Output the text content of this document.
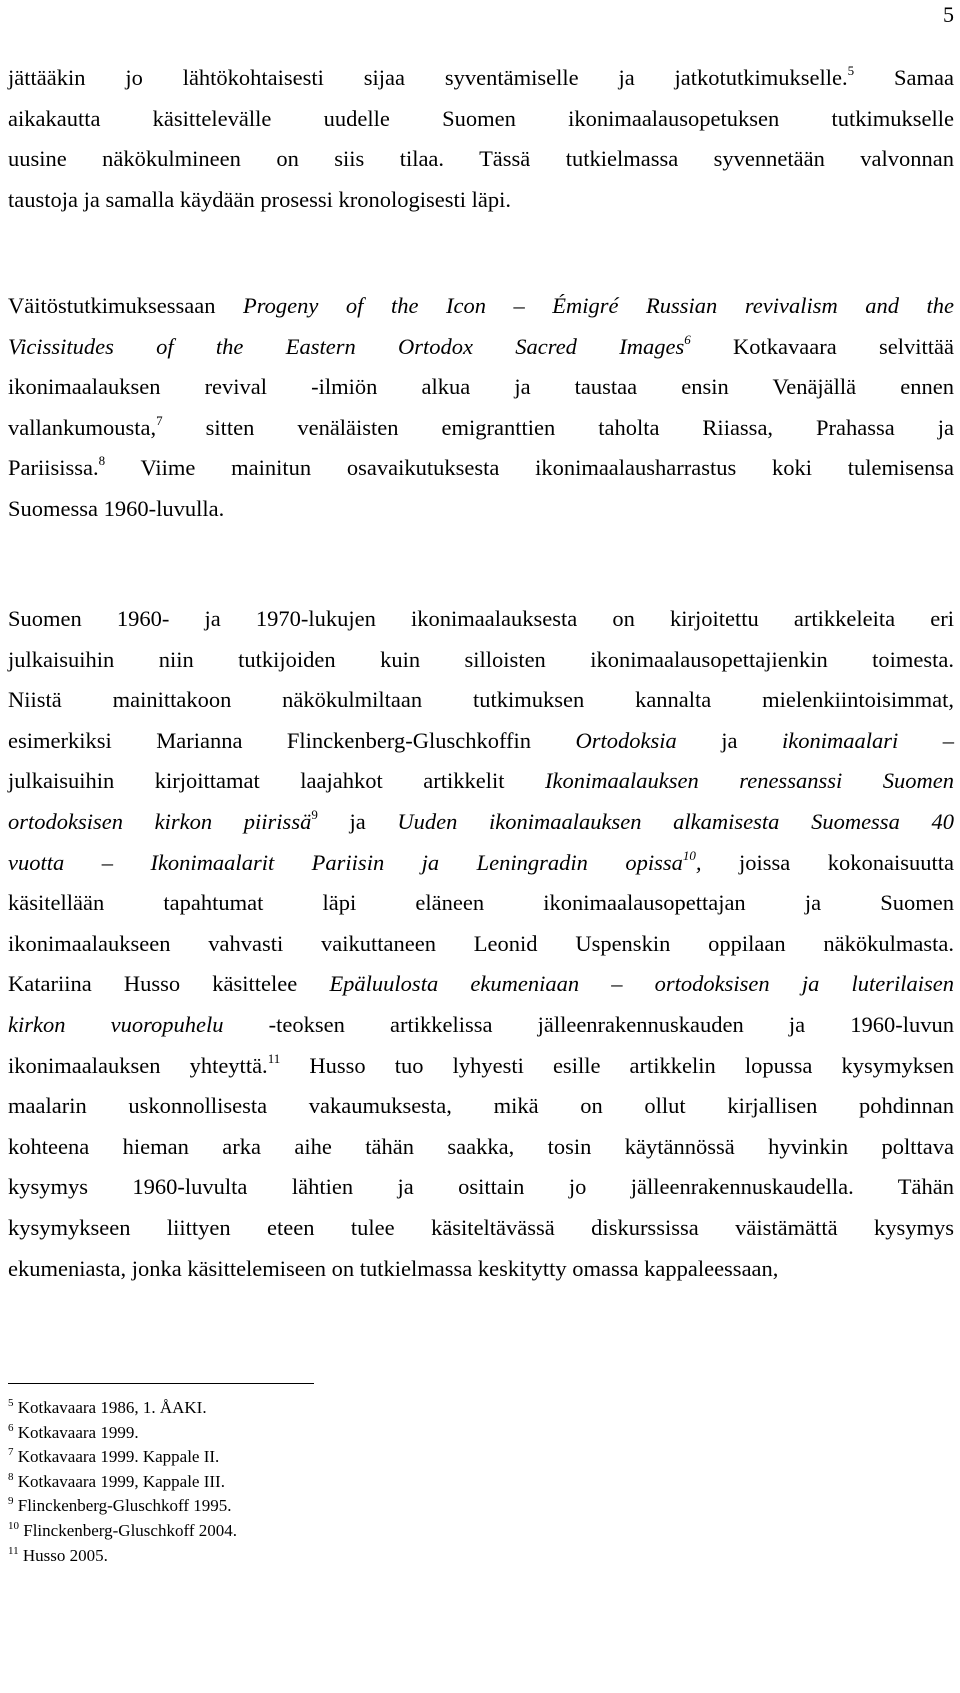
5
jättääkin jo lähtökohtaisesti sijaa syventämiselle ja jatkotutkimukselle.$^5$ Samaa
aikakautta käsittelevälle uudelle Suomen ikonimaalausopetuksen tutkimukselle
uusine näkökulmineen on siis tilaa. Tässä tutkielmassa syvennetään valvonnan
taustoja ja samalla käydään prosessi kronologisesti läpi.
Väitöstutkimuksessaan Progeny of the Icon – Émigré Russian revivalism and the
Vicissitudes of the Eastern Ortodox Sacred Images$^6$ Kotkavaara selvittää
ikonimaalauksen revival -ilmiön alkua ja taustaa ensin Venäjällä ennen
vallankumousta,$^7$ sitten venäläisten emigranttien taholta Riiassa, Prahassa ja
Pariisissa.$^8$ Viime mainitun osavaikutuksesta ikonimaalausharrastus koki tulemisensa
Suomessa 1960-luvulla.
Suomen 1960- ja 1970-lukujen ikonimaalauksesta on kirjoitettu artikkeleita eri
julkaisuihin niin tutkijoiden kuin silloisten ikonimaalausopettajienkin toimesta.
Niistä mainittakoon näkökulmiltaan tutkimuksen kannalta mielenkiintoisimmat,
esimerkiksi Marianna Flinckenberg-Gluschkoffin Ortodoksia ja ikonimaalari –
julkaisuihin kirjoittamat laajahkot artikkelit Ikonimaalauksen renessanssi Suomen
ortodoksisen kirkon piirissä$^9$ ja Uuden ikonimaalauksen alkamisesta Suomessa 40
vuotta – Ikonimaalarit Pariisin ja Leningradin opissa$^{10}$, joissa kokonaisuutta
käsitellään tapahtumat läpi eläneen ikonimaalausopettajan ja Suomen
ikonimaalaukseen vahvasti vaikuttaneen Leonid Uspenskin oppilaan näkökulmasta.
Katariina Husso käsittelee Epäluulosta ekumeniaan – ortodoksisen ja luterilaisen
kirkon vuoropuhelu -teoksen artikkelissa jälleenrakennuskauden ja 1960-luvun
ikonimaalauksen yhteyttä.$^{11}$ Husso tuo lyhyesti esille artikkelin lopussa kysymyksen
maalarin uskonnollisesta vakaumuksesta, mikä on ollut kirjallisen pohdinnan
kohteena hieman arka aihe tähän saakka, tosin käytännössä hyvinkin polttava
kysymys 1960-luvulta lähtien ja osittain jo jälleenrakennuskaudella. Tähän
kysymykseen liittyen eteen tulee käsiteltävässä diskurssissa väistämättä kysymys
ekumeniasta, jonka käsittelemiseen on tutkielmassa keskitytty omassa kappaleessaan,
$^5$ Kotkavaara 1986, 1. ÅAKI.
$^6$ Kotkavaara 1999.
$^7$ Kotkavaara 1999. Kappale II.
$^8$ Kotkavaara 1999, Kappale III.
$^9$ Flinckenberg-Gluschkoff 1995.
$^{10}$ Flinckenberg-Gluschkoff 2004.
$^{11}$ Husso 2005.
